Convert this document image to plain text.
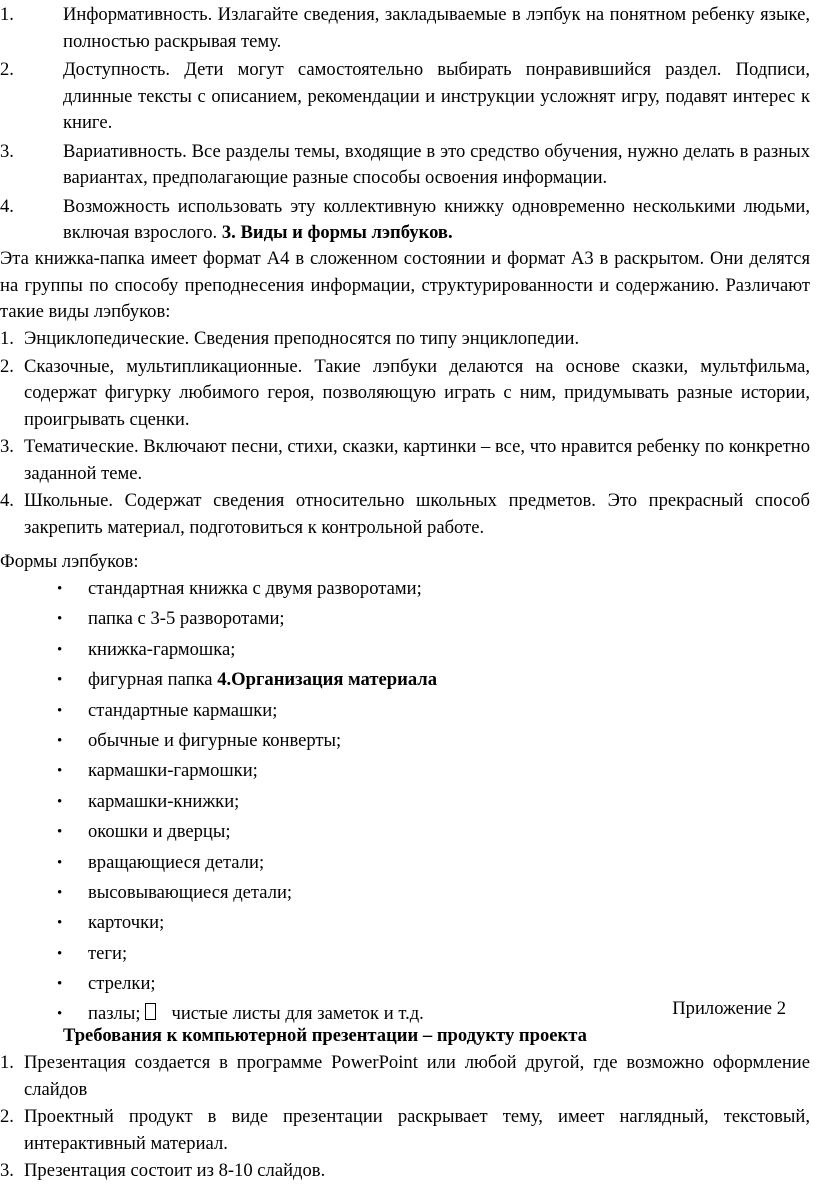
1.	Информативность. Излагайте сведения, закладываемые в лэпбук на понятном ребенку языке, полностью раскрывая тему.
2.	Доступность. Дети могут самостоятельно выбирать понравившийся раздел. Подписи, длинные тексты с описанием, рекомендации и инструкции усложнят игру, подавят интерес к книге.
3.	Вариативность. Все разделы темы, входящие в это средство обучения, нужно делать в разных вариантах, предполагающие разные способы освоения информации.
4.	Возможность использовать эту коллективную книжку одновременно несколькими людьми, включая взрослого. 3. Виды и формы лэпбуков.
Эта книжка-папка имеет формат А4 в сложенном состоянии и формат А3 в раскрытом. Они делятся на группы по способу преподнесения информации, структурированности и содержанию. Различают такие виды лэпбуков:
1. Энциклопедические. Сведения преподносятся по типу энциклопедии.
2. Сказочные, мультипликационные. Такие лэпбуки делаются на основе сказки, мультфильма, содержат фигурку любимого героя, позволяющую играть с ним, придумывать разные истории, проигрывать сценки.
3. Тематические. Включают песни, стихи, сказки, картинки – все, что нравится ребенку по конкретно заданной теме.
4. Школьные. Содержат сведения относительно школьных предметов. Это прекрасный способ закрепить материал, подготовиться к контрольной работе.
Формы лэпбуков:
• стандартная книжка с двумя разворотами;
• папка с 3-5 разворотами;
• книжка-гармошка;
• фигурная папка 4.Организация материала
• стандартные кармашки;
• обычные и фигурные конверты;
• кармашки-гармошки;
• кармашки-книжки;
• окошки и дверцы;
• вращающиеся детали;
• высовывающиеся детали;
• карточки;
• теги;
• стрелки;
• пазлы; чистые листы для заметок и т.д.	Приложение 2
Требования к компьютерной презентации – продукту проекта
1. Презентация создается в программе PowerPoint или любой другой, где возможно оформление слайдов
2. Проектный продукт в виде презентации раскрывает тему, имеет наглядный, текстовый, интерактивный материал.
3. Презентация состоит из 8-10 слайдов.
